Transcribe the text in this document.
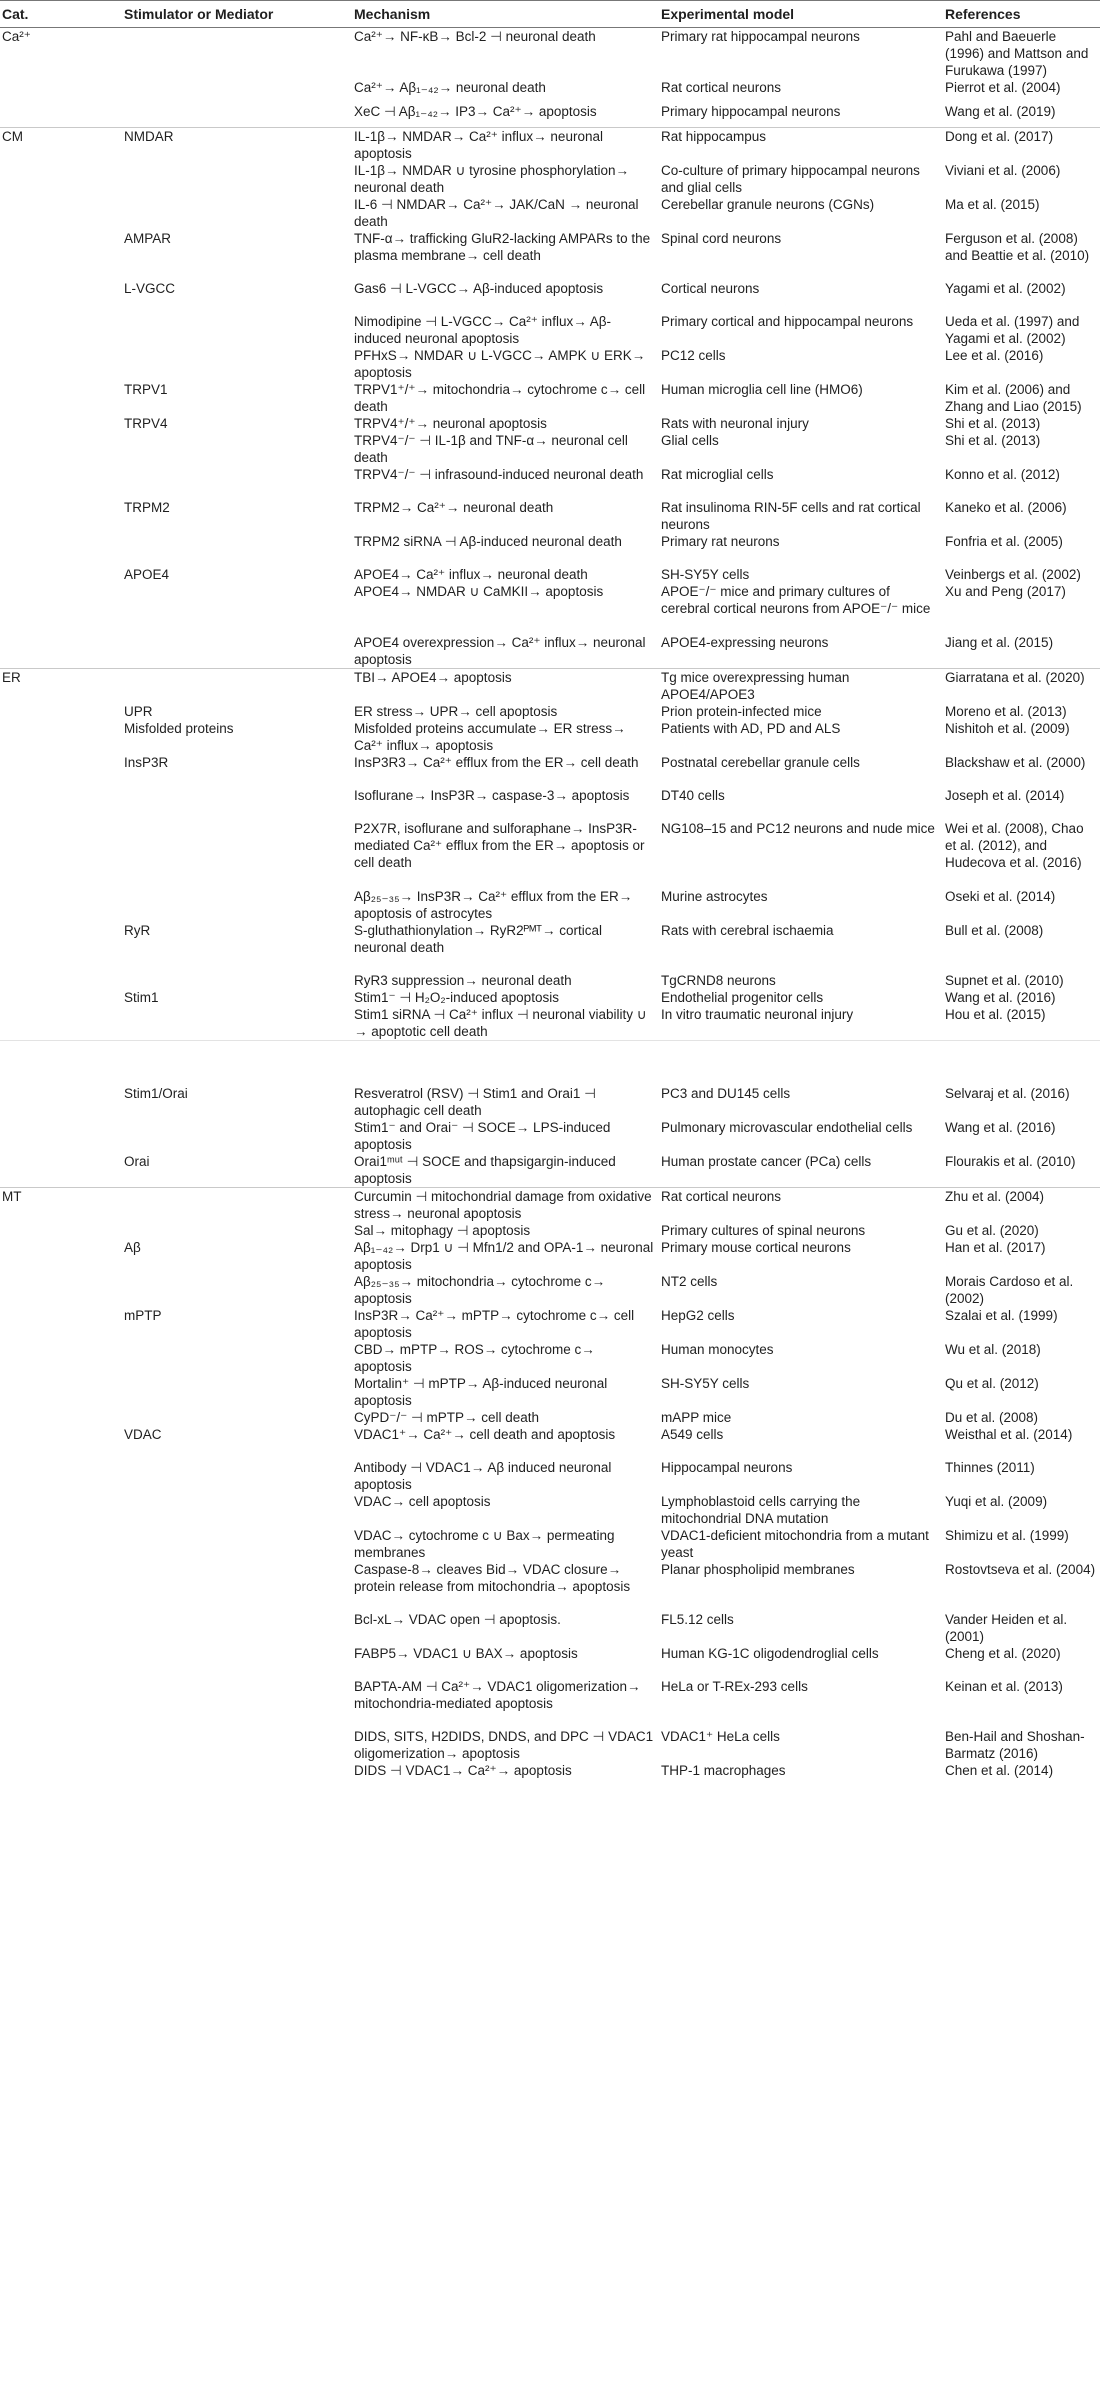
Cat.	Stimulator or Mediator	Mechanism	Experimental model	References
Ca²⁺		Ca²⁺→ NF-κB→ Bcl-2 ⊣ neuronal death	Primary rat hippocampal neurons	Pahl and Baeuerle (1996) and Mattson and Furukawa (1997)
		Ca²⁺→ Aβ₁₋₄₂→ neuronal death	Rat cortical neurons	Pierrot et al. (2004)
		XeC ⊣ Aβ₁₋₄₂→ IP3→ Ca²⁺→ apoptosis	Primary hippocampal neurons	Wang et al. (2019)
CM	NMDAR	IL-1β→ NMDAR→ Ca²⁺ influx→ neuronal apoptosis	Rat hippocampus	Dong et al. (2017)
		IL-1β→ NMDAR ∪ tyrosine phosphorylation→ neuronal death	Co-culture of primary hippocampal neurons and glial cells	Viviani et al. (2006)
		IL-6 ⊣ NMDAR→ Ca²⁺→ JAK/CaN → neuronal death	Cerebellar granule neurons (CGNs)	Ma et al. (2015)
	AMPAR	TNF-α→ trafficking GluR2-lacking AMPARs to the plasma membrane→ cell death	Spinal cord neurons	Ferguson et al. (2008) and Beattie et al. (2010)
	L-VGCC	Gas6 ⊣ L-VGCC→ Aβ-induced apoptosis	Cortical neurons	Yagami et al. (2002)
		Nimodipine ⊣ L-VGCC→ Ca²⁺ influx→ Aβ-induced neuronal apoptosis	Primary cortical and hippocampal neurons	Ueda et al. (1997) and Yagami et al. (2002)
		PFHxS→ NMDAR ∪ L-VGCC→ AMPK ∪ ERK→ apoptosis	PC12 cells	Lee et al. (2016)
	TRPV1	TRPV1⁺/⁺→ mitochondria→ cytochrome c→ cell death	Human microglia cell line (HMO6)	Kim et al. (2006) and Zhang and Liao (2015)
	TRPV4	TRPV4⁺/⁺→ neuronal apoptosis	Rats with neuronal injury	Shi et al. (2013)
		TRPV4⁻/⁻ ⊣ IL-1β and TNF-α→ neuronal cell death	Glial cells	Shi et al. (2013)
		TRPV4⁻/⁻ ⊣ infrasound-induced neuronal death	Rat microglial cells	Konno et al. (2012)
	TRPM2	TRPM2→ Ca²⁺→ neuronal death	Rat insulinoma RIN-5F cells and rat cortical neurons	Kaneko et al. (2006)
		TRPM2 siRNA ⊣ Aβ-induced neuronal death	Primary rat neurons	Fonfria et al. (2005)
	APOE4	APOE4→ Ca²⁺ influx→ neuronal death	SH-SY5Y cells	Veinbergs et al. (2002)
		APOE4→ NMDAR ∪ CaMKII→ apoptosis	APOE⁻/⁻ mice and primary cultures of cerebral cortical neurons from APOE⁻/⁻ mice	Xu and Peng (2017)
		APOE4 overexpression→ Ca²⁺ influx→ neuronal apoptosis	APOE4-expressing neurons	Jiang et al. (2015)
ER		TBI→ APOE4→ apoptosis	Tg mice overexpressing human APOE4/APOE3	Giarratana et al. (2020)
	UPR	ER stress→ UPR→ cell apoptosis	Prion protein-infected mice	Moreno et al. (2013)
	Misfolded proteins	Misfolded proteins accumulate→ ER stress→ Ca²⁺ influx→ apoptosis	Patients with AD, PD and ALS	Nishitoh et al. (2009)
	InsP3R	InsP3R3→ Ca²⁺ efflux from the ER→ cell death	Postnatal cerebellar granule cells	Blackshaw et al. (2000)
		Isoflurane→ InsP3R→ caspase-3→ apoptosis	DT40 cells	Joseph et al. (2014)
		P2X7R, isoflurane and sulforaphane→ InsP3R-mediated Ca²⁺ efflux from the ER→ apoptosis or cell death	NG108–15 and PC12 neurons and nude mice	Wei et al. (2008), Chao et al. (2012), and Hudecova et al. (2016)
		Aβ₂₅₋₃₅→ InsP3R→ Ca²⁺ efflux from the ER→ apoptosis of astrocytes	Murine astrocytes	Oseki et al. (2014)
	RyR	S-gluthathionylation→ RyR2ᴾᴹᵀ→ cortical neuronal death	Rats with cerebral ischaemia	Bull et al. (2008)
		RyR3 suppression→ neuronal death	TgCRND8 neurons	Supnet et al. (2010)
	Stim1	Stim1⁻ ⊣ H₂O₂-induced apoptosis	Endothelial progenitor cells	Wang et al. (2016)
		Stim1 siRNA ⊣ Ca²⁺ influx ⊣ neuronal viability ∪ → apoptotic cell death	In vitro traumatic neuronal injury	Hou et al. (2015)

	Stim1/Orai	Resveratrol (RSV) ⊣ Stim1 and Orai1 ⊣ autophagic cell death	PC3 and DU145 cells	Selvaraj et al. (2016)
		Stim1⁻ and Orai⁻ ⊣ SOCE→ LPS-induced apoptosis	Pulmonary microvascular endothelial cells	Wang et al. (2016)
	Orai	Orai1ᵐᵘᵗ ⊣ SOCE and thapsigargin-induced apoptosis	Human prostate cancer (PCa) cells	Flourakis et al. (2010)
MT		Curcumin ⊣ mitochondrial damage from oxidative stress→ neuronal apoptosis	Rat cortical neurons	Zhu et al. (2004)
		Sal→ mitophagy ⊣ apoptosis	Primary cultures of spinal neurons	Gu et al. (2020)
	Aβ	Aβ₁₋₄₂→ Drp1 ∪ ⊣ Mfn1/2 and OPA-1→ neuronal apoptosis	Primary mouse cortical neurons	Han et al. (2017)
		Aβ₂₅₋₃₅→ mitochondria→ cytochrome c→ apoptosis	NT2 cells	Morais Cardoso et al. (2002)
	mPTP	InsP3R→ Ca²⁺→ mPTP→ cytochrome c→ cell apoptosis	HepG2 cells	Szalai et al. (1999)
		CBD→ mPTP→ ROS→ cytochrome c→ apoptosis	Human monocytes	Wu et al. (2018)
		Mortalin⁺ ⊣ mPTP→ Aβ-induced neuronal apoptosis	SH-SY5Y cells	Qu et al. (2012)
		CyPD⁻/⁻ ⊣ mPTP→ cell death	mAPP mice	Du et al. (2008)
	VDAC	VDAC1⁺→ Ca²⁺→ cell death and apoptosis	A549 cells	Weisthal et al. (2014)
		Antibody ⊣ VDAC1→ Aβ induced neuronal apoptosis	Hippocampal neurons	Thinnes (2011)
		VDAC→ cell apoptosis	Lymphoblastoid cells carrying the mitochondrial DNA mutation	Yuqi et al. (2009)
		VDAC→ cytochrome c ∪ Bax→ permeating membranes	VDAC1-deficient mitochondria from a mutant yeast	Shimizu et al. (1999)
		Caspase-8→ cleaves Bid→ VDAC closure→ protein release from mitochondria→ apoptosis	Planar phospholipid membranes	Rostovtseva et al. (2004)
		Bcl-xL→ VDAC open ⊣ apoptosis.	FL5.12 cells	Vander Heiden et al. (2001)
		FABP5→ VDAC1 ∪ BAX→ apoptosis	Human KG-1C oligodendroglial cells	Cheng et al. (2020)
		BAPTA-AM ⊣ Ca²⁺→ VDAC1 oligomerization→ mitochondria-mediated apoptosis	HeLa or T-REx-293 cells	Keinan et al. (2013)
		DIDS, SITS, H2DIDS, DNDS, and DPC ⊣ VDAC1 oligomerization→ apoptosis	VDAC1⁺ HeLa cells	Ben-Hail and Shoshan-Barmatz (2016)
		DIDS ⊣ VDAC1→ Ca²⁺→ apoptosis	THP-1 macrophages	Chen et al. (2014)
